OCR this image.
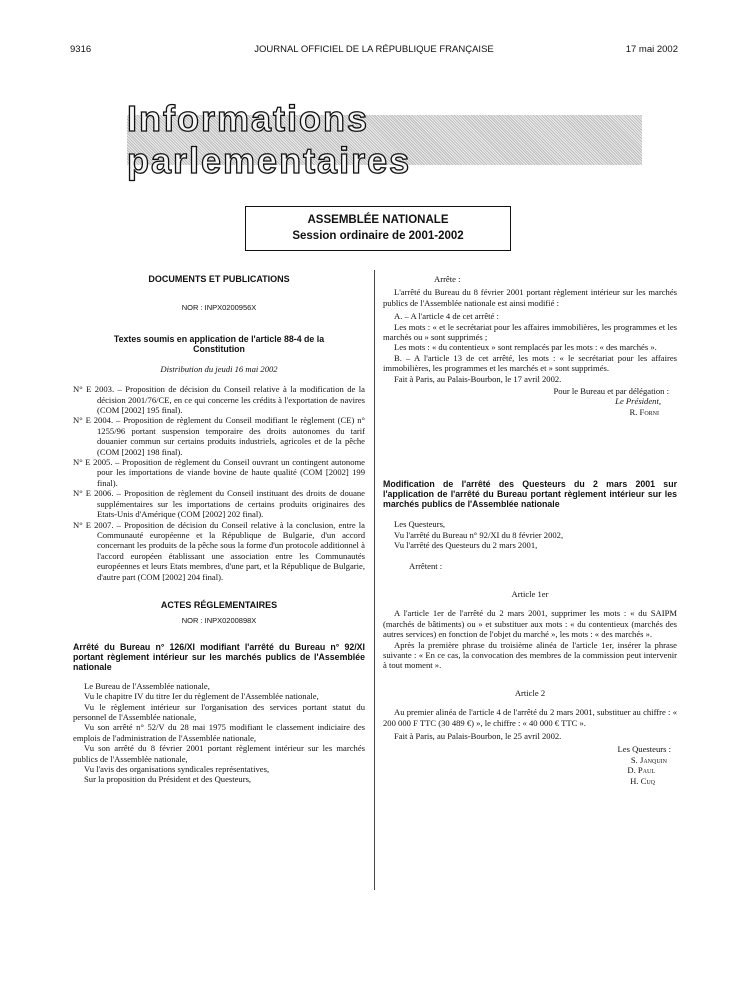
9316	JOURNAL OFFICIEL DE LA RÉPUBLIQUE FRANÇAISE	17 mai 2002
Informations parlementaires
ASSEMBLÉE NATIONALE
Session ordinaire de 2001-2002
DOCUMENTS ET PUBLICATIONS
NOR : INPX0200956X
Textes soumis en application de l'article 88-4 de la Constitution
Distribution du jeudi 16 mai 2002

N° E 2003. – Proposition de décision du Conseil relative à la modification de la décision 2001/76/CE, en ce qui concerne les crédits à l'exportation de navires (COM [2002] 195 final).

N° E 2004. – Proposition de règlement du Conseil modifiant le règlement (CE) n° 1255/96 portant suspension temporaire des droits autonomes du tarif douanier commun sur certains produits industriels, agricoles et de la pêche (COM [2002] 198 final).

N° E 2005. – Proposition de règlement du Conseil ouvrant un contingent autonome pour les importations de viande bovine de haute qualité (COM [2002] 199 final).

N° E 2006. – Proposition de règlement du Conseil instituant des droits de douane supplémentaires sur les importations de certains produits originaires des Etats-Unis d'Amérique (COM [2002] 202 final).

N° E 2007. – Proposition de décision du Conseil relative à la conclusion, entre la Communauté européenne et la République de Bulgarie, d'un accord concernant les produits de la pêche sous la forme d'un protocole additionnel à l'accord européen établissant une association entre les Communautés européennes et leurs Etats membres, d'une part, et la République de Bulgarie, d'autre part (COM [2002] 204 final).

ACTES RÉGLEMENTAIRES
NOR : INPX0200898X
Arrêté du Bureau n° 126/XI modifiant l'arrêté du Bureau n° 92/XI portant règlement intérieur sur les marchés publics de l'Assemblée nationale

Le Bureau de l'Assemblée nationale,

Vu le chapitre IV du titre Ier du règlement de l'Assemblée nationale,

Vu le règlement intérieur sur l'organisation des services portant statut du personnel de l'Assemblée nationale,

Vu son arrêté n° 52/V du 28 mai 1975 modifiant le classement indiciaire des emplois de l'administration de l'Assemblée nationale,

Vu son arrêté du 8 février 2001 portant règlement intérieur sur les marchés publics de l'Assemblée nationale,

Vu l'avis des organisations syndicales représentatives,

Sur la proposition du Président et des Questeurs,

Arrête :

L'arrêté du Bureau du 8 février 2001 portant règlement intérieur sur les marchés publics de l'Assemblée nationale est ainsi modifié :

A. – A l'article 4 de cet arrêté :

Les mots : « et le secrétariat pour les affaires immobilières, les programmes et les marchés ou » sont supprimés ;

Les mots : « du contentieux » sont remplacés par les mots : « des marchés ».

B. – A l'article 13 de cet arrêté, les mots : « le secrétariat pour les affaires immobilières, les programmes et les marchés et » sont supprimés.

Fait à Paris, au Palais-Bourbon, le 17 avril 2002.

Pour le Bureau et par délégation :
Le Président,
R. Forni
Modification de l'arrêté des Questeurs du 2 mars 2001 sur l'application de l'arrêté du Bureau portant règlement intérieur sur les marchés publics de l'Assemblée nationale

Les Questeurs,

Vu l'arrêté du Bureau n° 92/XI du 8 février 2002,

Vu l'arrêté des Questeurs du 2 mars 2001,

Arrêtent :

Article 1er

A l'article 1er de l'arrêté du 2 mars 2001, supprimer les mots : « du SAIPM (marchés de bâtiments) ou » et substituer aux mots : « du contentieux (marchés des autres services) en fonction de l'objet du marché », les mots : « des marchés ».

Après la première phrase du troisième alinéa de l'article 1er, insérer la phrase suivante : « En ce cas, la convocation des membres de la commission peut intervenir à tout moment ».

Article 2

Au premier alinéa de l'article 4 de l'arrêté du 2 mars 2001, substituer au chiffre : « 200 000 F TTC (30 489 €) », le chiffre : « 40 000 € TTC ».

Fait à Paris, au Palais-Bourbon, le 25 avril 2002.

Les Questeurs :
S. Janquin
D. Paul
H. Cuq
